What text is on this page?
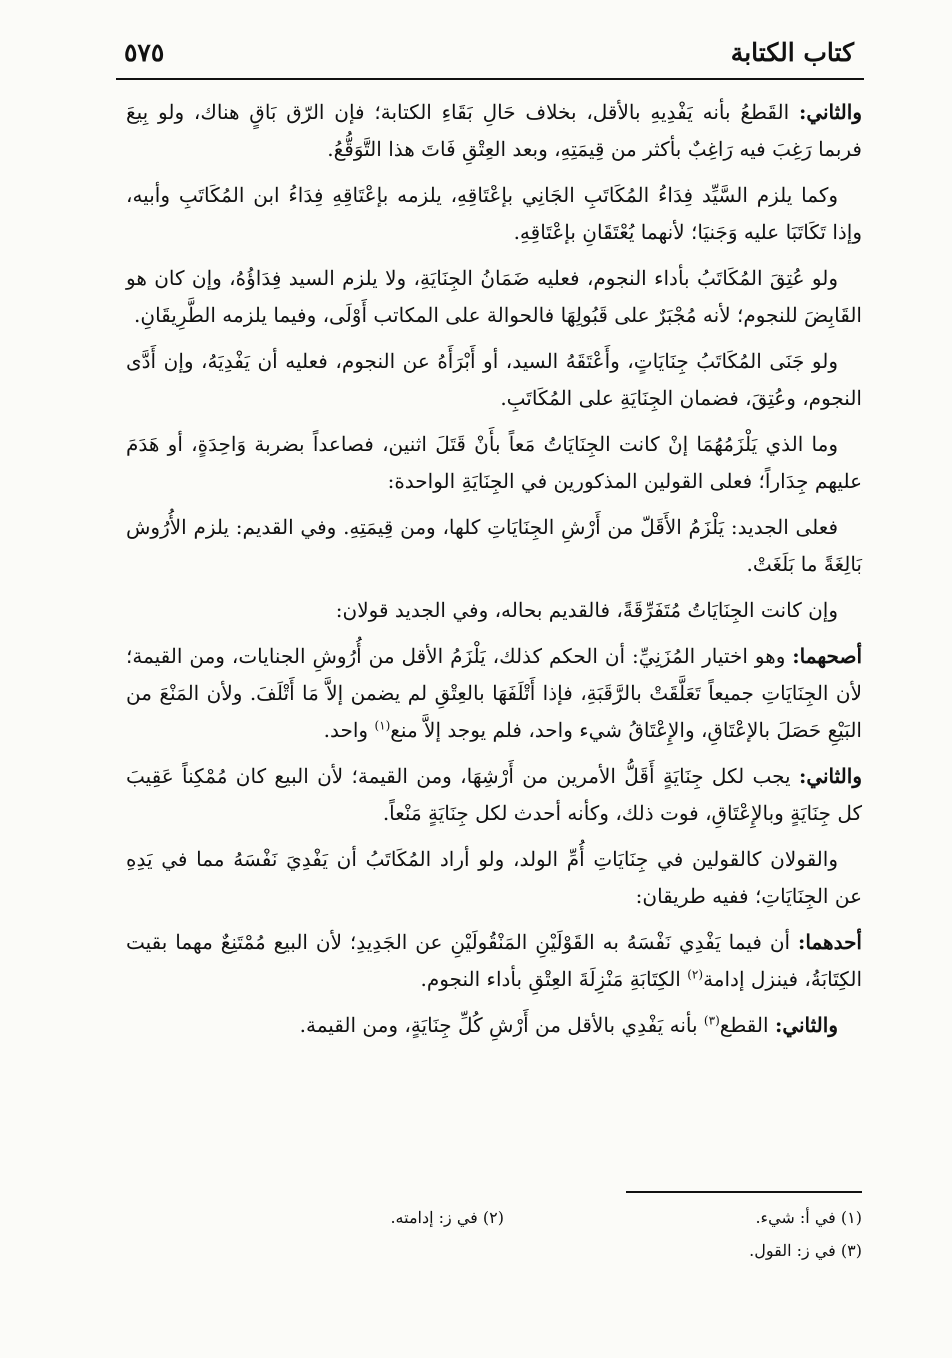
كتاب الكتابة
٥٧٥

والثاني: القَطعُ بأنه يَفْدِيهِ بالأقل، بخلاف حَالِ بَقَاءِ الكتابة؛ فإن الرّق بَاقٍ هناك، ولو بِيعَ فربما رَغِبَ فيه رَاغِبٌ بأكثر من قِيمَتِهِ، وبعد العِتْقِ فَاتَ هذا التَّوَقُّعُ.

وكما يلزم السَّيِّد فِدَاءُ المُكَاتَبِ الجَانِي بإعْتَاقِهِ، يلزمه بإعْتَاقِهِ فِدَاءُ ابن المُكَاتَبِ وأبيه، وإذا تَكَاتَبَا عليه وَجَنيَا؛ لأنهما يُعْتَقَانِ بإعْتَاقِهِ.

ولو عُتِقَ المُكَاتَبُ بأداء النجوم، فعليه ضَمَانُ الجِنَايَةِ، ولا يلزم السيد فِدَاؤُهُ، وإن كان هو القَابِضَ للنجوم؛ لأنه مُجْبَرٌ على قَبُولِهَا فالحوالة على المكاتب أَوْلَى، وفيما يلزمه الطَّرِيقَانِ.

ولو جَنَى المُكَاتَبُ جِنَايَاتٍ، وأَعْتَقَهُ السيد، أو أَبْرَأَهُ عن النجوم، فعليه أن يَفْدِيَهُ، وإن أَدَّى النجوم، وعُتِقَ، فضمان الجِنَايَةِ على المُكَاتَبِ.

وما الذي يَلْزَمُهُمَا إنْ كانت الجِنَايَاتُ مَعاً بأَنْ قَتَلَ اثنين، فصاعداً بضربة وَاحِدَةٍ، أو هَدَمَ عليهم جِدَاراً؛ فعلى القولين المذكورين في الجِنَايَةِ الواحدة:

فعلى الجديد: يَلْزَمُ الأَقَلّ من أَرْشِ الجِنَايَاتِ كلها، ومن قِيمَتِهِ. وفي القديم: يلزم الأُرُوش بَالِغَةً ما بَلَغَتْ.

وإن كانت الجِنَايَاتُ مُتَفَرِّقَةً، فالقديم بحاله، وفي الجديد قولان:

أصحهما: وهو اختيار المُزَنِيِّ: أن الحكم كذلك، يَلْزَمُ الأقل من أُرُوشِ الجنايات، ومن القيمة؛ لأن الجِنَايَاتِ جميعاً تَعَلَّقَتْ بالرَّقَبَةِ، فإذا أَتْلَفَهَا بالعِتْقِ لم يضمن إلاَّ مَا أَتْلَفَ. ولأن المَنْعَ من البَيْعِ حَصَلَ بالإعْتَاقِ، والإِعْتَاقُ شيء واحد، فلم يوجد إلاَّ منع$^{(١)}$ واحد.

والثاني: يجب لكل جِنَايَةٍ أَقَلُّ الأمرين من أَرْشِهَا، ومن القيمة؛ لأن البيع كان مُمْكِناً عَقِيبَ كل جِنَايَةٍ وبالإِعْتَاقِ، فوت ذلك، وكأنه أحدث لكل جِنَايَةٍ مَنْعاً.

والقولان كالقولين في جِنَايَاتِ أُمِّ الولد، ولو أراد المُكَاتَبُ أن يَفْدِيَ نَفْسَهُ مما في يَدِهِ عن الجِنَايَاتِ؛ ففيه طريقان:

أحدهما: أن فيما يَفْدِي نَفْسَهُ به القَوْلَيْنِ المَنْقُولَيْنِ عن الجَدِيدِ؛ لأن البيع مُمْتَنِعٌ مهما بقيت الكِتَابَةُ، فينزل إدامة$^{(٢)}$ الكِتَابَةِ مَنْزِلَةَ العِتْقِ بأداء النجوم.

والثاني: القطع$^{(٣)}$ بأنه يَفْدِي بالأقل من أَرْشِ كُلِّ جِنَايَةٍ، ومن القيمة.

(١) في أ: شيء.
(٢) في ز: إدامته.
(٣) في ز: القول.
